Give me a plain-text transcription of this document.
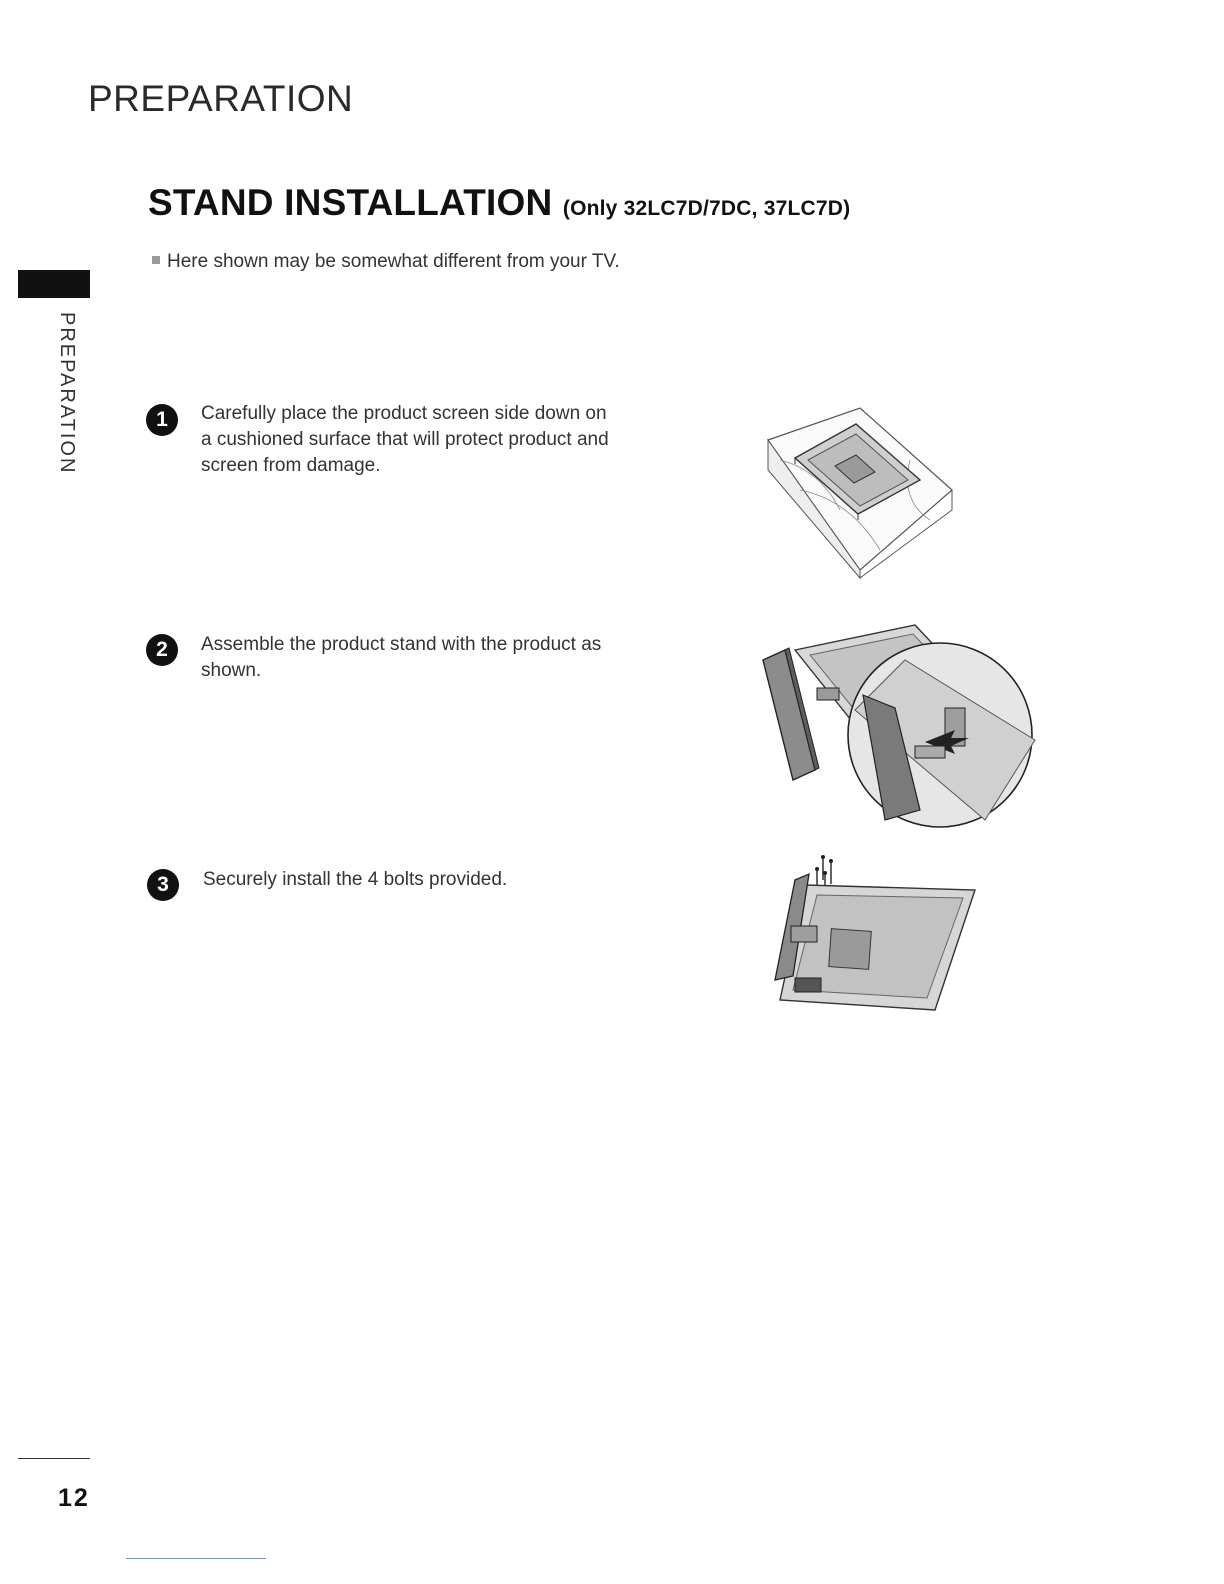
PREPARATION
STAND INSTALLATION (Only 32LC7D/7DC, 37LC7D)
Here shown may be somewhat different from your TV.
PREPARATION	1	Carefully place the product screen side down on a cushioned surface that will protect product and screen from damage.
2	Assemble the product stand with the product as shown.
3	Securely install the 4 bolts provided.
12
